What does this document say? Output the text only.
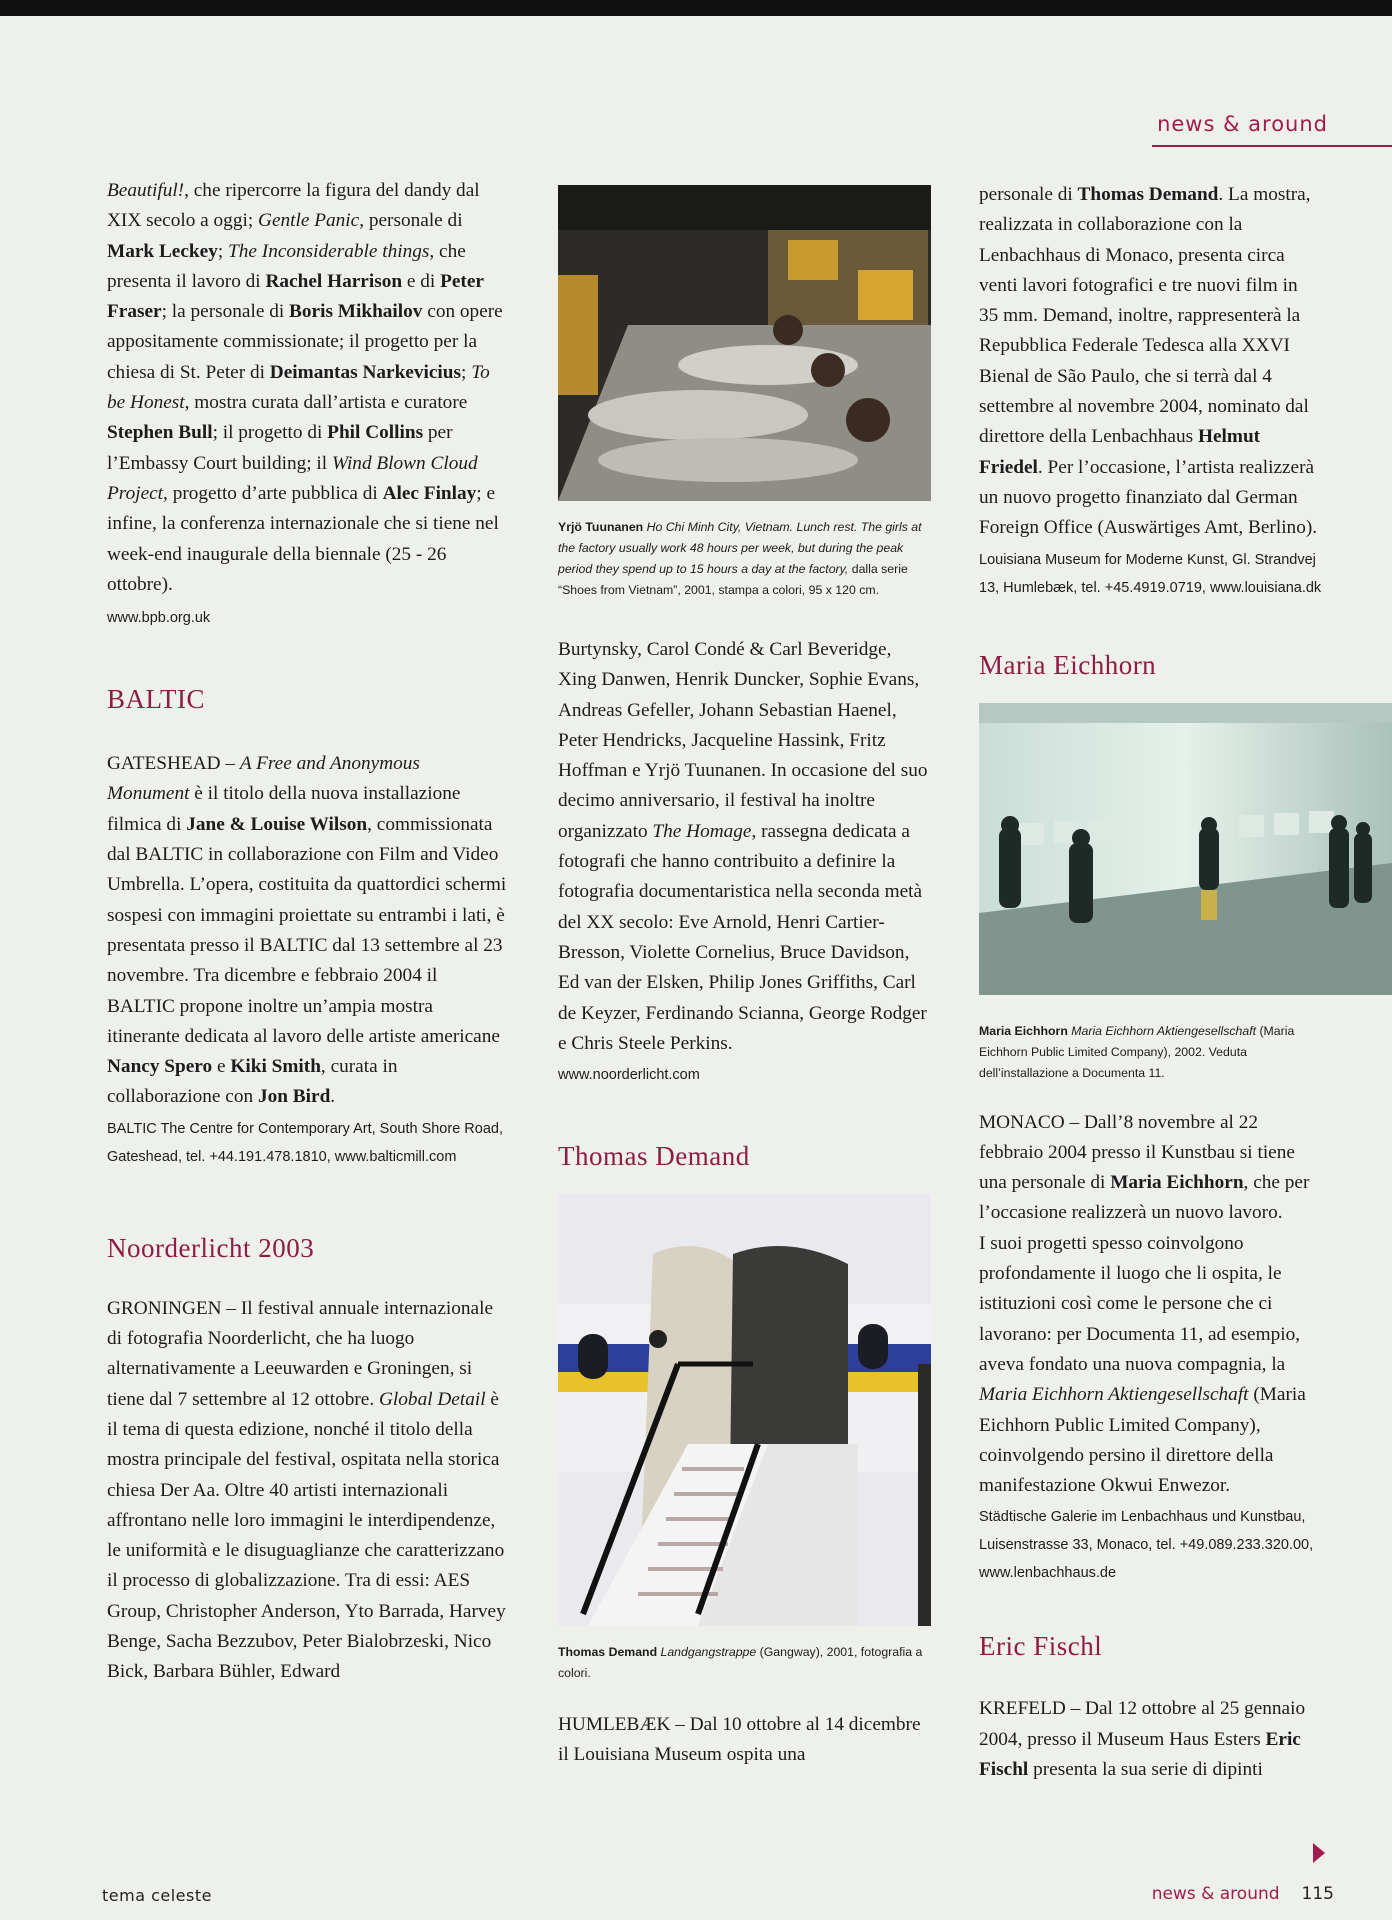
news & around

Beautiful!, che ripercorre la figura del dandy dal XIX secolo a oggi; Gentle Panic, personale di Mark Leckey; The Inconsiderable things, che presenta il lavoro di Rachel Harrison e di Peter Fraser; la personale di Boris Mikhailov con opere appositamente commissionate; il progetto per la chiesa di St. Peter di Deimantas Narkevicius; To be Honest, mostra curata dall’artista e curatore Stephen Bull; il progetto di Phil Collins per l’Embassy Court building; il Wind Blown Cloud Project, progetto d’arte pubblica di Alec Finlay; e infine, la conferenza internazionale che si tiene nel week-end inaugurale della biennale (25 - 26 ottobre).

www.bpb.org.uk

BALTIC

GATESHEAD – A Free and Anonymous Monument è il titolo della nuova installazione filmica di Jane & Louise Wilson, commissionata dal BALTIC in collaborazione con Film and Video Umbrella. L’opera, costituita da quattordici schermi sospesi con immagini proiettate su entrambi i lati, è presentata presso il BALTIC dal 13 settembre al 23 novembre. Tra dicembre e febbraio 2004 il BALTIC propone inoltre un’ampia mostra itinerante dedicata al lavoro delle artiste americane Nancy Spero e Kiki Smith, curata in collaborazione con Jon Bird.

BALTIC The Centre for Contemporary Art, South Shore Road, Gateshead, tel. +44.191.478.1810, www.balticmill.com

Noorderlicht 2003

GRONINGEN – Il festival annuale internazionale di fotografia Noorderlicht, che ha luogo alternativamente a Leeuwarden e Groningen, si tiene dal 7 settembre al 12 ottobre. Global Detail è il tema di questa edizione, nonché il titolo della mostra principale del festival, ospitata nella storica chiesa Der Aa. Oltre 40 artisti internazionali affrontano nelle loro immagini le interdipendenze, le uniformità e le disuguaglianze che caratterizzano il processo di globalizzazione. Tra di essi: AES Group, Christopher Anderson, Yto Barrada, Harvey Benge, Sacha Bezzubov, Peter Bialobrzeski, Nico Bick, Barbara Bühler, Edward

Yrjö Tuunanen Ho Chi Minh City, Vietnam. Lunch rest. The girls at the factory usually work 48 hours per week, but during the peak period they spend up to 15 hours a day at the factory, dalla serie “Shoes from Vietnam”, 2001, stampa a colori, 95 x 120 cm.

Burtynsky, Carol Condé & Carl Beveridge, Xing Danwen, Henrik Duncker, Sophie Evans, Andreas Gefeller, Johann Sebastian Haenel, Peter Hendricks, Jacqueline Hassink, Fritz Hoffman e Yrjö Tuunanen. In occasione del suo decimo anniversario, il festival ha inoltre organizzato The Homage, rassegna dedicata a fotografi che hanno contribuito a definire la fotografia documentaristica nella seconda metà del XX secolo: Eve Arnold, Henri Cartier-Bresson, Violette Cornelius, Bruce Davidson, Ed van der Elsken, Philip Jones Griffiths, Carl de Keyzer, Ferdinando Scianna, George Rodger e Chris Steele Perkins.

www.noorderlicht.com

Thomas Demand

Thomas Demand Landgangstrappe (Gangway), 2001, fotografia a colori.

HUMLEBÆK – Dal 10 ottobre al 14 dicembre il Louisiana Museum ospita una

personale di Thomas Demand. La mostra, realizzata in collaborazione con la Lenbachhaus di Monaco, presenta circa venti lavori fotografici e tre nuovi film in 35 mm. Demand, inoltre, rappresenterà la Repubblica Federale Tedesca alla XXVI Bienal de São Paulo, che si terrà dal 4 settembre al novembre 2004, nominato dal direttore della Lenbachhaus Helmut Friedel. Per l’occasione, l’artista realizzerà un nuovo progetto finanziato dal German Foreign Office (Auswärtiges Amt, Berlino).

Louisiana Museum for Moderne Kunst, Gl. Strandvej 13, Humlebæk, tel. +45.4919.0719, www.louisiana.dk

Maria Eichhorn

Maria Eichhorn Maria Eichhorn Aktiengesellschaft (Maria Eichhorn Public Limited Company), 2002. Veduta dell’installazione a Documenta 11.

MONACO – Dall’8 novembre al 22 febbraio 2004 presso il Kunstbau si tiene una personale di Maria Eichhorn, che per l’occasione realizzerà un nuovo lavoro.
I suoi progetti spesso coinvolgono profondamente il luogo che li ospita, le istituzioni così come le persone che ci lavorano: per Documenta 11, ad esempio, aveva fondato una nuova compagnia, la Maria Eichhorn Aktiengesellschaft (Maria Eichhorn Public Limited Company), coinvolgendo persino il direttore della manifestazione Okwui Enwezor.

Städtische Galerie im Lenbachhaus und Kunstbau, Luisenstrasse 33, Monaco, tel. +49.089.233.320.00, www.lenbachhaus.de

Eric Fischl

KREFELD – Dal 12 ottobre al 25 gennaio 2004, presso il Museum Haus Esters Eric Fischl presenta la sua serie di dipinti

tema celeste	news & around 115
